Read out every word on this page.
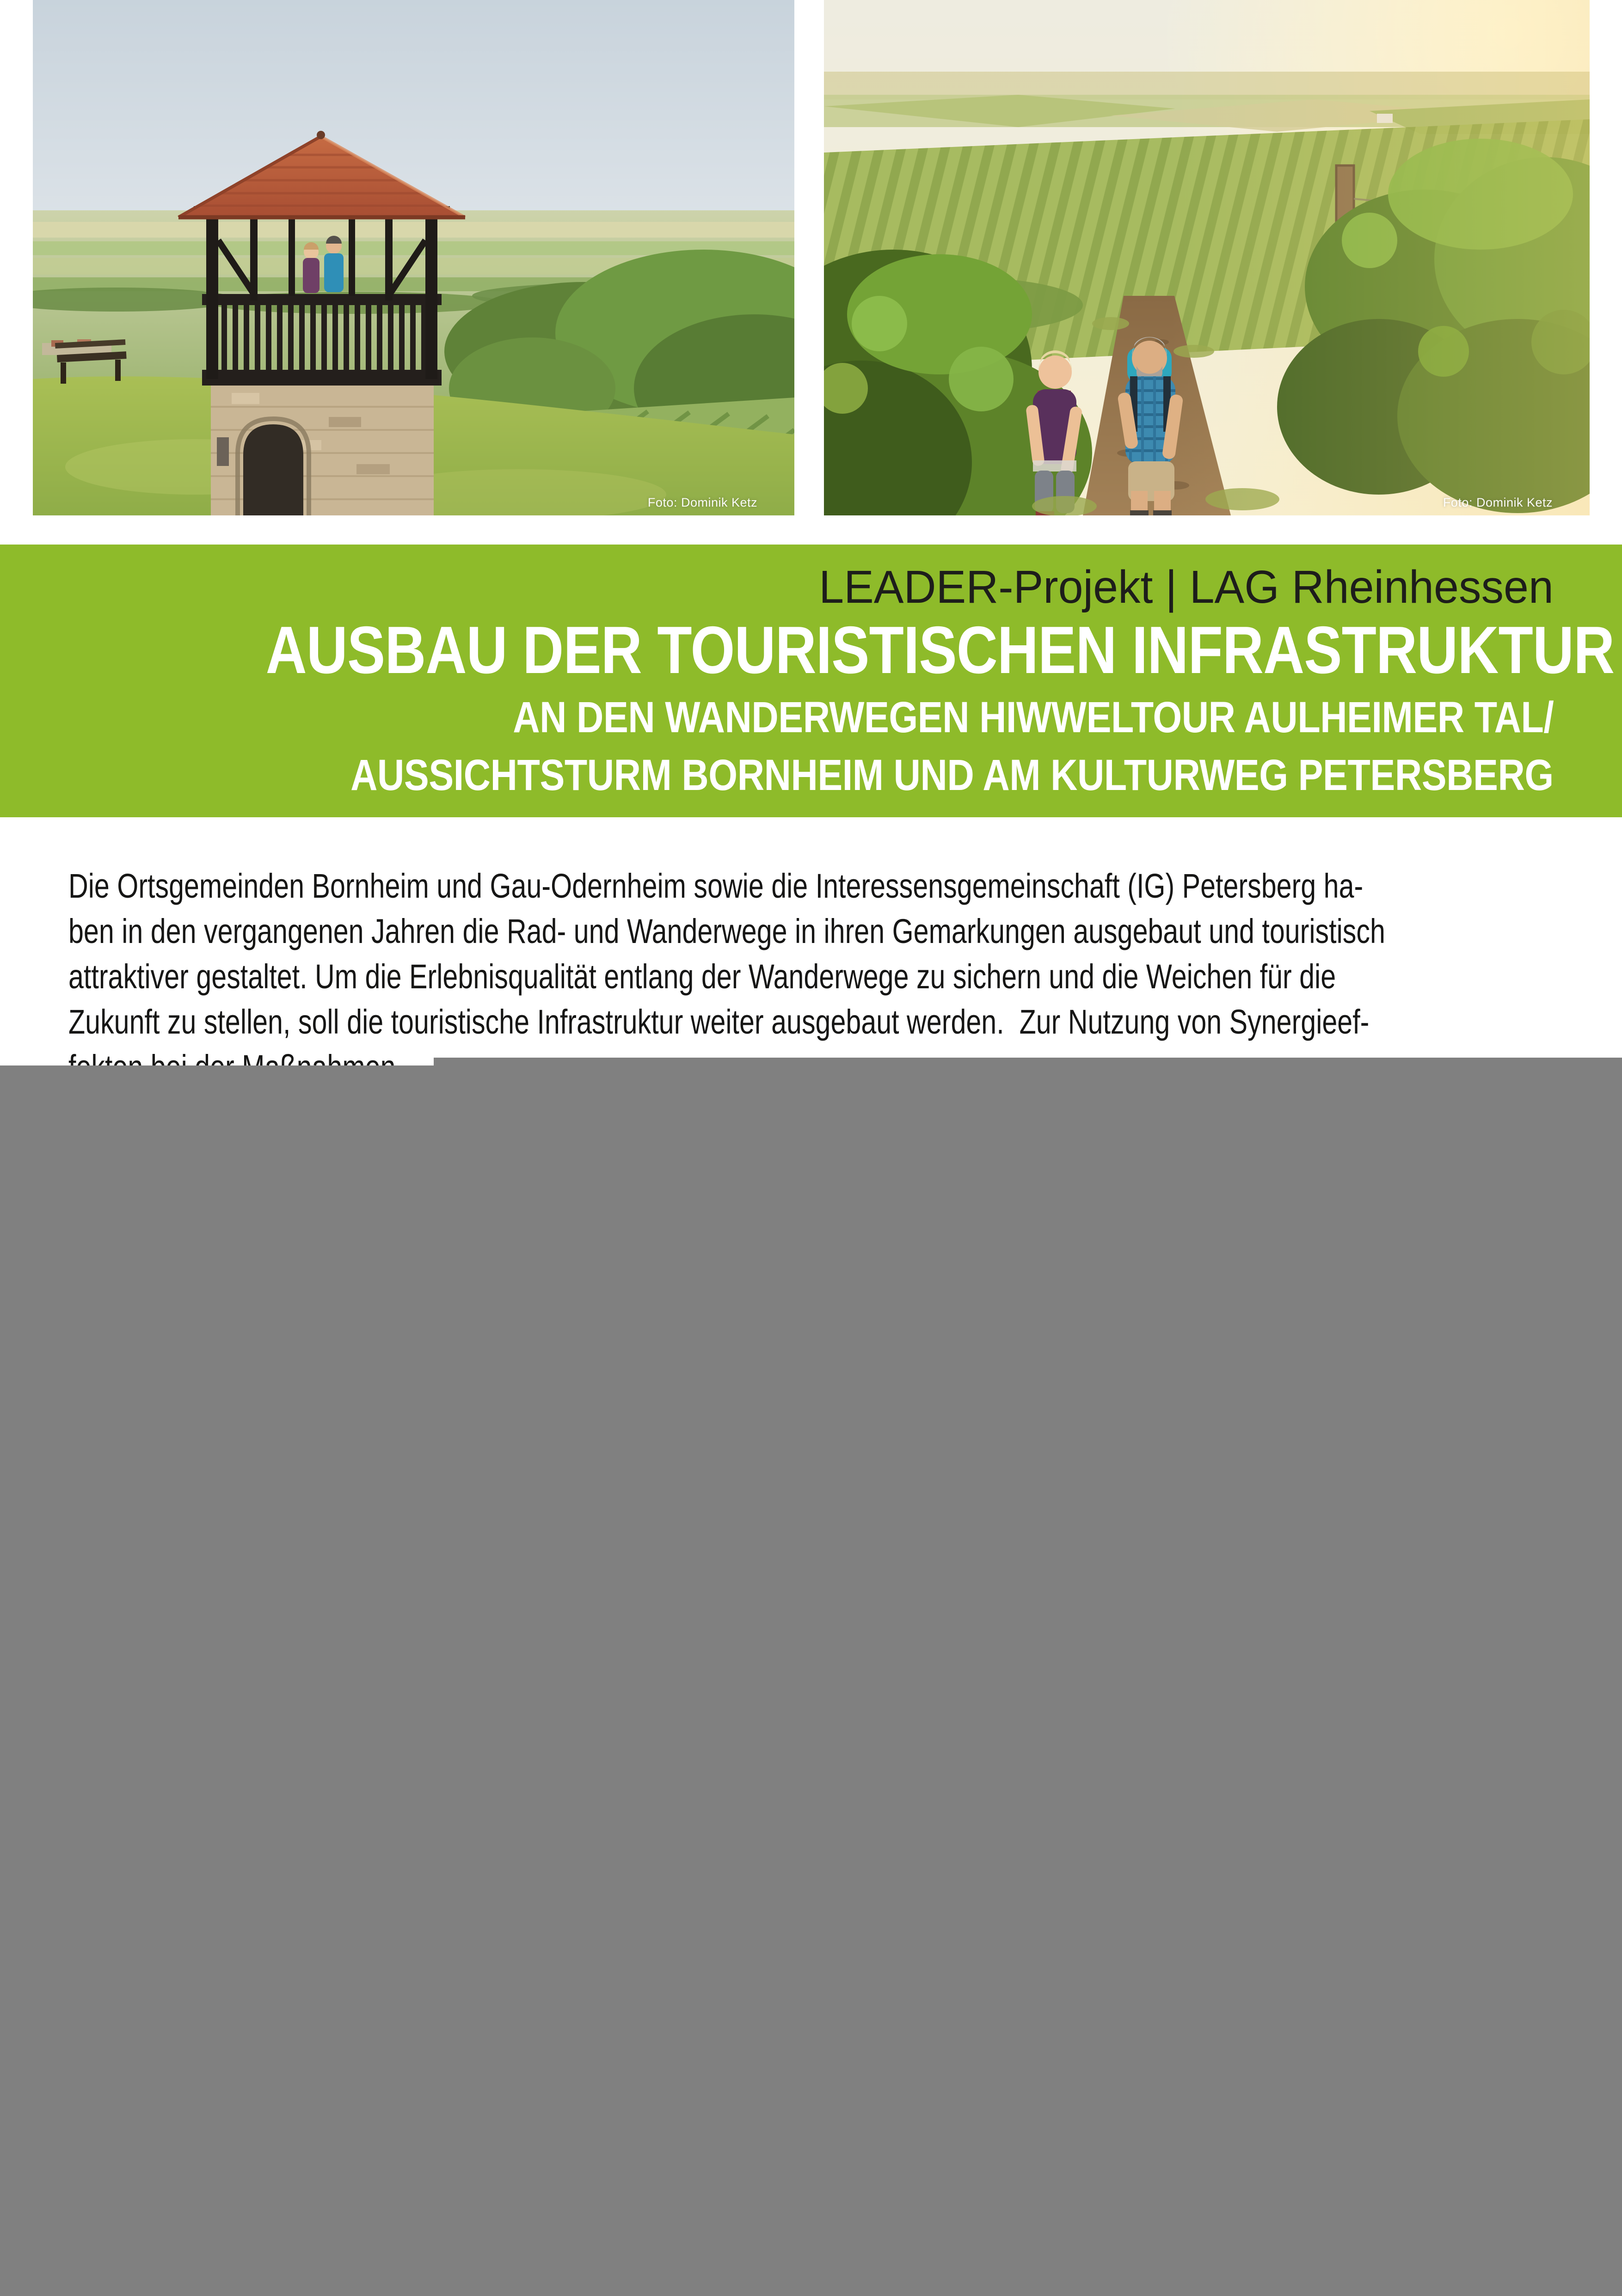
Foto: Dominik Ketz	Foto: Dominik Ketz
LEADER-Projekt | LAG Rheinhessen
AUSBAU DER TOURISTISCHEN INFRASTRUKTUR
AN DEN WANDERWEGEN HIWWELTOUR AULHEIMER TAL/
AUSSICHTSTURM BORNHEIM UND AM KULTURWEG PETERSBERG
Die Ortsgemeinden Bornheim und Gau-Odernheim sowie die Interessensgemeinschaft (IG) Petersberg ha-
ben in den vergangenen Jahren die Rad- und Wanderwege in ihren Gemarkungen ausgebaut und touristisch
attraktiver gestaltet. Um die Erlebnisqualität entlang der Wanderwege zu sichern und die Weichen für die
Zukunft zu stellen, soll die touristische Infrastruktur weiter ausgebaut werden.  Zur Nutzung von Synergieef-
